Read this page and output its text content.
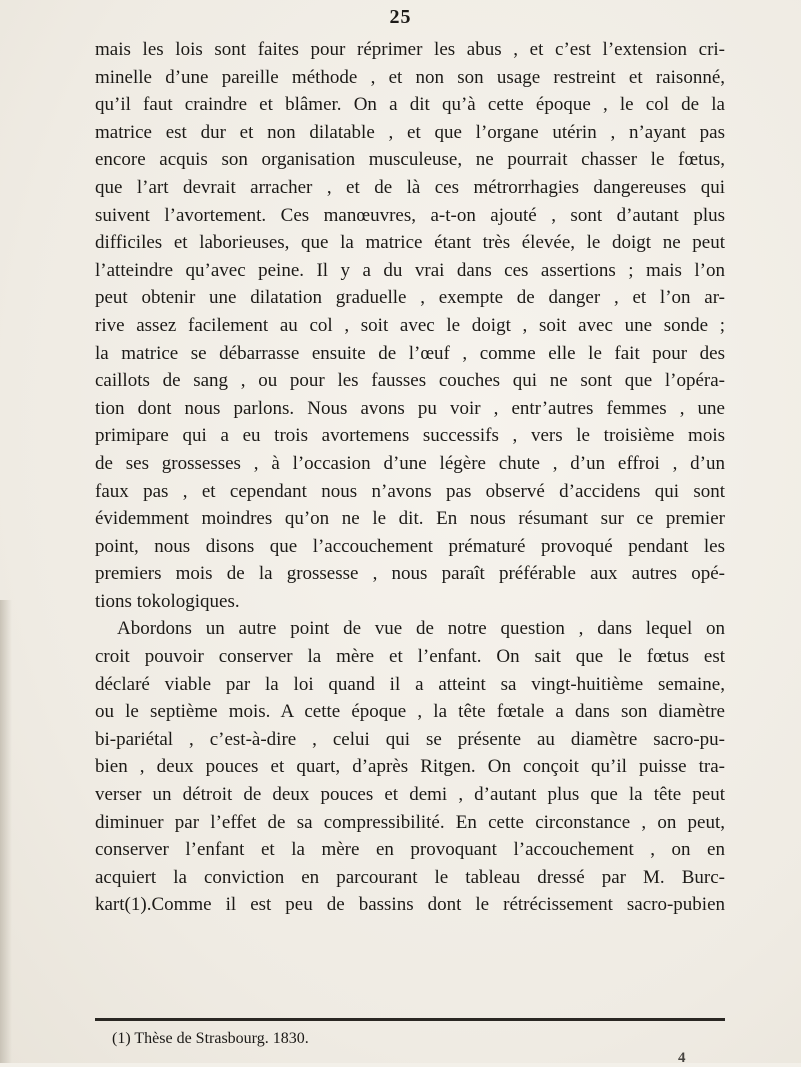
25
mais les lois sont faites pour réprimer les abus , et c’est l’extension cri-
minelle d’une pareille méthode , et non son usage restreint et raisonné,
qu’il faut craindre et blâmer. On a dit qu’à cette époque , le col de la
matrice est dur et non dilatable , et que l’organe utérin , n’ayant pas
encore acquis son organisation musculeuse, ne pourrait chasser le fœtus,
que l’art devrait arracher , et de là ces métrorrhagies dangereuses qui
suivent l’avortement. Ces manœuvres, a-t-on ajouté , sont d’autant plus
difficiles et laborieuses, que la matrice étant très élevée, le doigt ne peut
l’atteindre qu’avec peine. Il y a du vrai dans ces assertions ; mais l’on
peut obtenir une dilatation graduelle , exempte de danger , et l’on ar-
rive assez facilement au col , soit avec le doigt , soit avec une sonde ;
la matrice se débarrasse ensuite de l’œuf , comme elle le fait pour des
caillots de sang , ou pour les fausses couches qui ne sont que l’opéra-
tion dont nous parlons. Nous avons pu voir , entr’autres femmes , une
primipare qui a eu trois avortemens successifs , vers le troisième mois
de ses grossesses , à l’occasion d’une légère chute , d’un effroi , d’un
faux pas , et cependant nous n’avons pas observé d’accidens qui sont
évidemment moindres qu’on ne le dit. En nous résumant sur ce premier
point, nous disons que l’accouchement prématuré provoqué pendant les
premiers mois de la grossesse , nous paraît préférable aux autres opé-
tions tokologiques.
Abordons un autre point de vue de notre question , dans lequel on
croit pouvoir conserver la mère et l’enfant. On sait que le fœtus est
déclaré viable par la loi quand il a atteint sa vingt-huitième semaine,
ou le septième mois. A cette époque , la tête fœtale a dans son diamètre
bi-pariétal , c’est-à-dire , celui qui se présente au diamètre sacro-pu-
bien , deux pouces et quart, d’après Ritgen. On conçoit qu’il puisse tra-
verser un détroit de deux pouces et demi , d’autant plus que la tête peut
diminuer par l’effet de sa compressibilité. En cette circonstance , on peut,
conserver l’enfant et la mère en provoquant l’accouchement , on en
acquiert la conviction en parcourant le tableau dressé par M. Burc-
kart(1).Comme il est peu de bassins dont le rétrécissement sacro-pubien
(1) Thèse de Strasbourg. 1830.
4
